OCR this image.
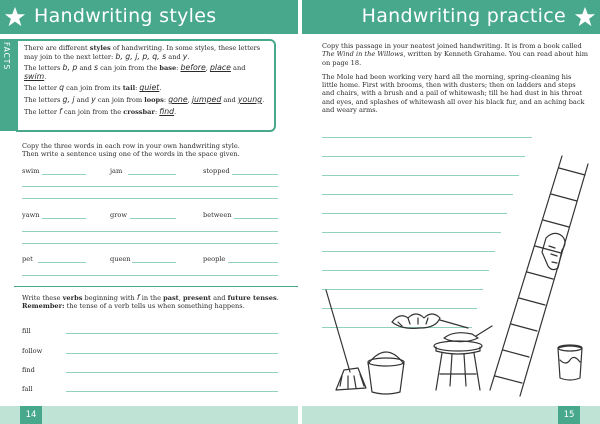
Handwriting styles	Handwriting practice
FACTS There are different styles of handwriting. In some styles, these letters may join to the next letter: b, g, j, p, q, s and y.

The letters b, p and s can join from the base: before, place and swim.

The letter q can join from its tail: quiet.

The letters g, j and y can join from loops: gone, jumped and young.

The letter f can join from the crossbar: find.

Copy the three words in each row in your own handwriting style.
Then write a sentence using one of the words in the space given.
swim	jam	stopped
yawn	grow	between
pet	queen	people
Write these verbs beginning with f in the past, present and future tenses.
Remember: the tense of a verb tells us when something happens.
fill
follow
find
fall

Copy this passage in your neatest joined handwriting. It is from a book called The Wind in the Willows, written by Kenneth Grahame. You can read about him on page 18.

The Mole had been working very hard all the morning, spring-cleaning his little home. First with brooms, then with dusters; then on ladders and steps and chairs, with a brush and a pail of whitewash; till he had dust in his throat and eyes, and splashes of whitewash all over his black fur, and an aching back and weary arms.

14	15
